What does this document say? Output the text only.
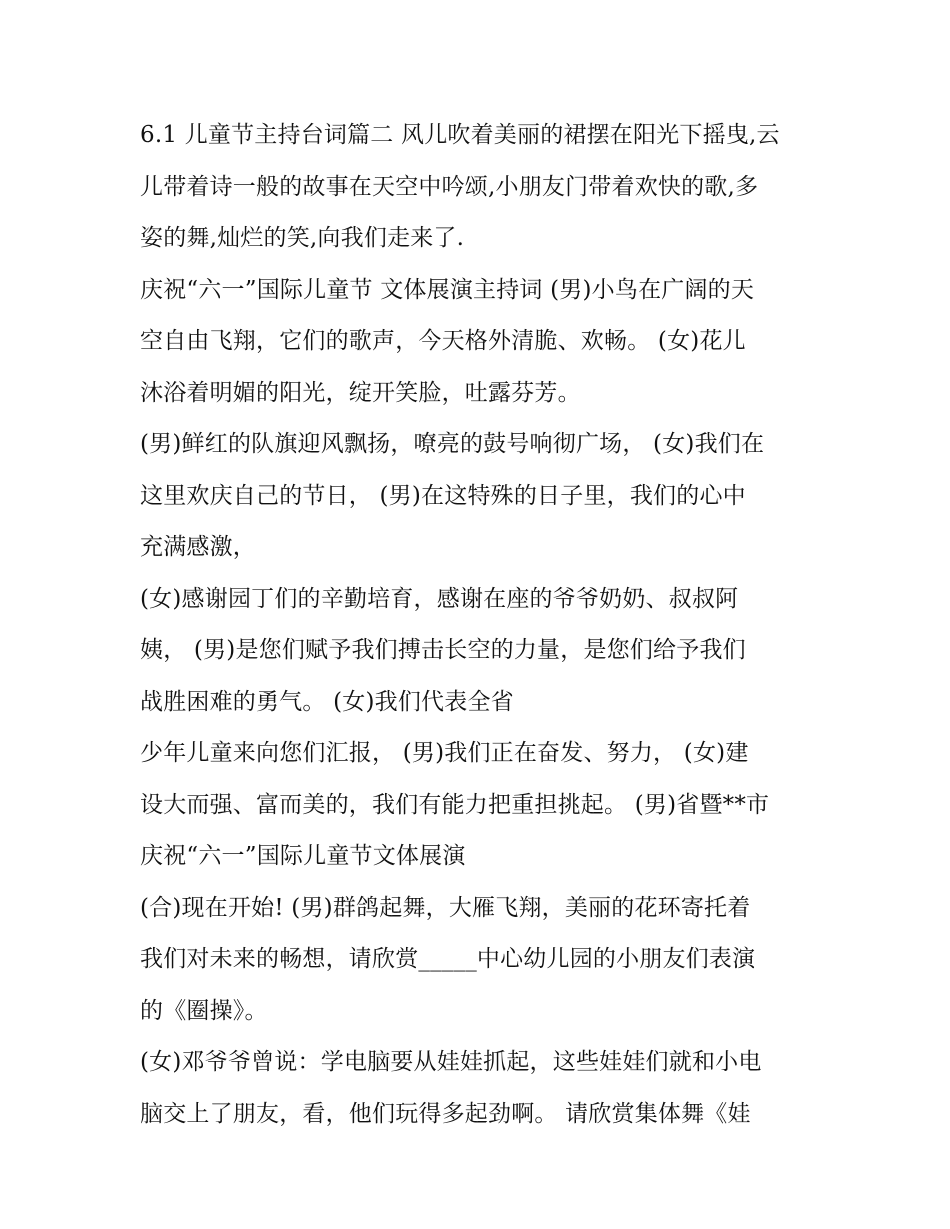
6.1 儿童节主持台词篇二 风儿吹着美丽的裙摆在阳光下摇曳,云
儿带着诗一般的故事在天空中吟颂,小朋友门带着欢快的歌,多
姿的舞,灿烂的笑,向我们走来了.
庆祝“六一”国际儿童节 文体展演主持词 (男)小鸟在广阔的天
空自由飞翔，它们的歌声，今天格外清脆、欢畅。 (女)花儿
沐浴着明媚的阳光，绽开笑脸，吐露芬芳。
(男)鲜红的队旗迎风飘扬，嘹亮的鼓号响彻广场， (女)我们在
这里欢庆自己的节日， (男)在这特殊的日子里，我们的心中
充满感激，
(女)感谢园丁们的辛勤培育，感谢在座的爷爷奶奶、叔叔阿
姨， (男)是您们赋予我们搏击长空的力量，是您们给予我们
战胜困难的勇气。 (女)我们代表全省
少年儿童来向您们汇报， (男)我们正在奋发、努力， (女)建
设大而强、富而美的，我们有能力把重担挑起。 (男)省暨**市
庆祝“六一”国际儿童节文体展演
(合)现在开始! (男)群鸽起舞，大雁飞翔，美丽的花环寄托着
我们对未来的畅想，请欣赏_____中心幼儿园的小朋友们表演
的《圈操》。
(女)邓爷爷曾说：学电脑要从娃娃抓起，这些娃娃们就和小电
脑交上了朋友，看，他们玩得多起劲啊。 请欣赏集体舞《娃
